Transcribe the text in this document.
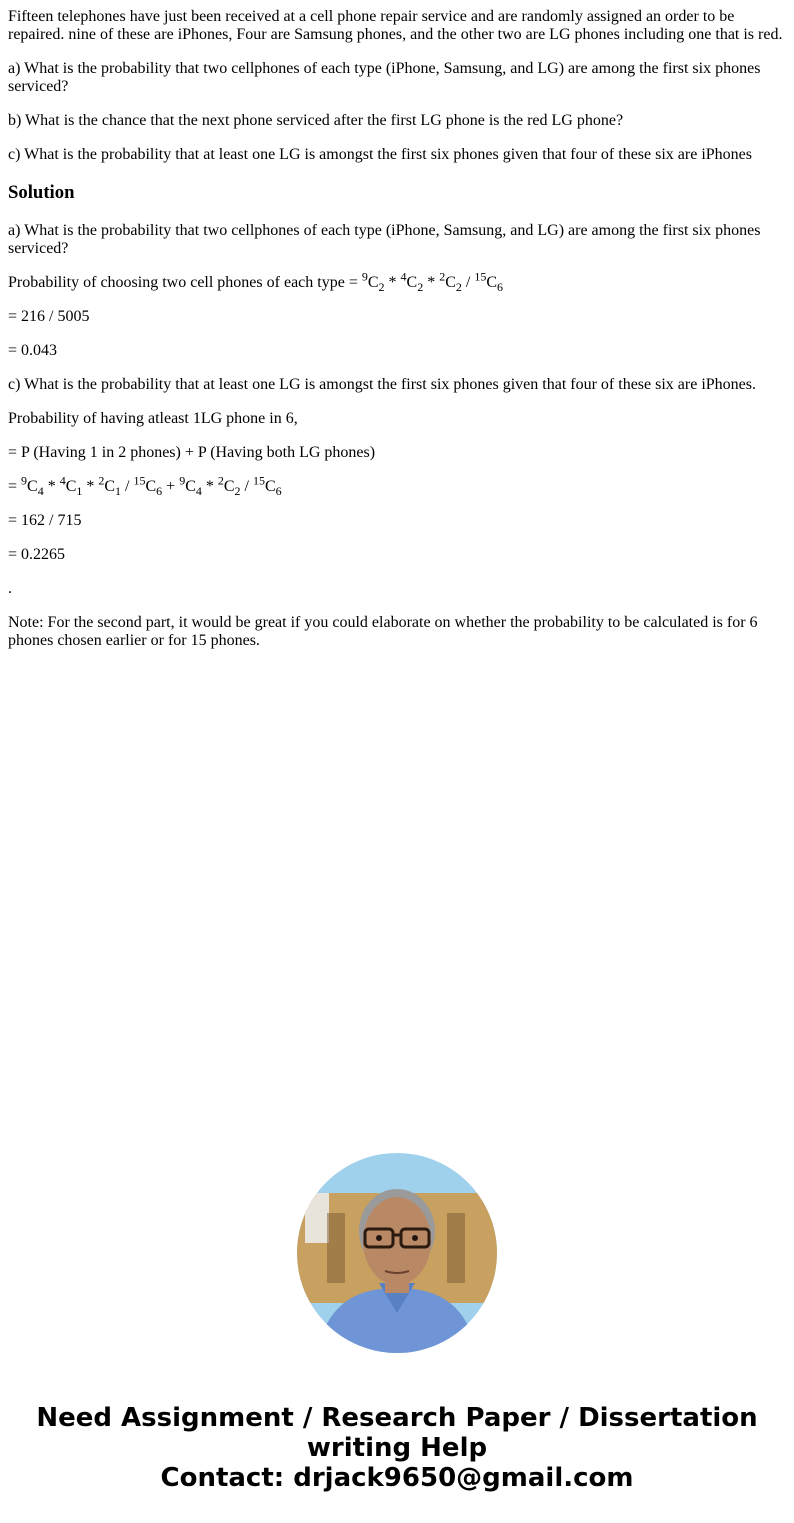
Fifteen telephones have just been received at a cell phone repair service and are randomly assigned an order to be repaired. nine of these are iPhones, Four are Samsung phones, and the other two are LG phones including one that is red.

a) What is the probability that two cellphones of each type (iPhone, Samsung, and LG) are among the first six phones serviced?

b) What is the chance that the next phone serviced after the first LG phone is the red LG phone?

c) What is the probability that at least one LG is amongst the first six phones given that four of these six are iPhones

Solution

a) What is the probability that two cellphones of each type (iPhone, Samsung, and LG) are among the first six phones serviced?

Probability of choosing two cell phones of each type = $^9C_2 * ^4C_2 * ^2C_2 / ^{15}C_6$

= 216 / 5005

= 0.043

c) What is the probability that at least one LG is amongst the first six phones given that four of these six are iPhones.

Probability of having atleast 1LG phone in 6,

= P (Having 1 in 2 phones) + P (Having both LG phones)

= $^9C_4 * ^4C_1 * ^2C_1 / ^{15}C_6 + ^9C_4 * ^2C_2 / ^{15}C_6$

= 162 / 715

= 0.2265

.

Note: For the second part, it would be great if you could elaborate on whether the probability to be calculated is for 6 phones chosen earlier or for 15 phones.

Need Assignment / Research Paper / Dissertation
writing Help
Contact: drjack9650@gmail.com
